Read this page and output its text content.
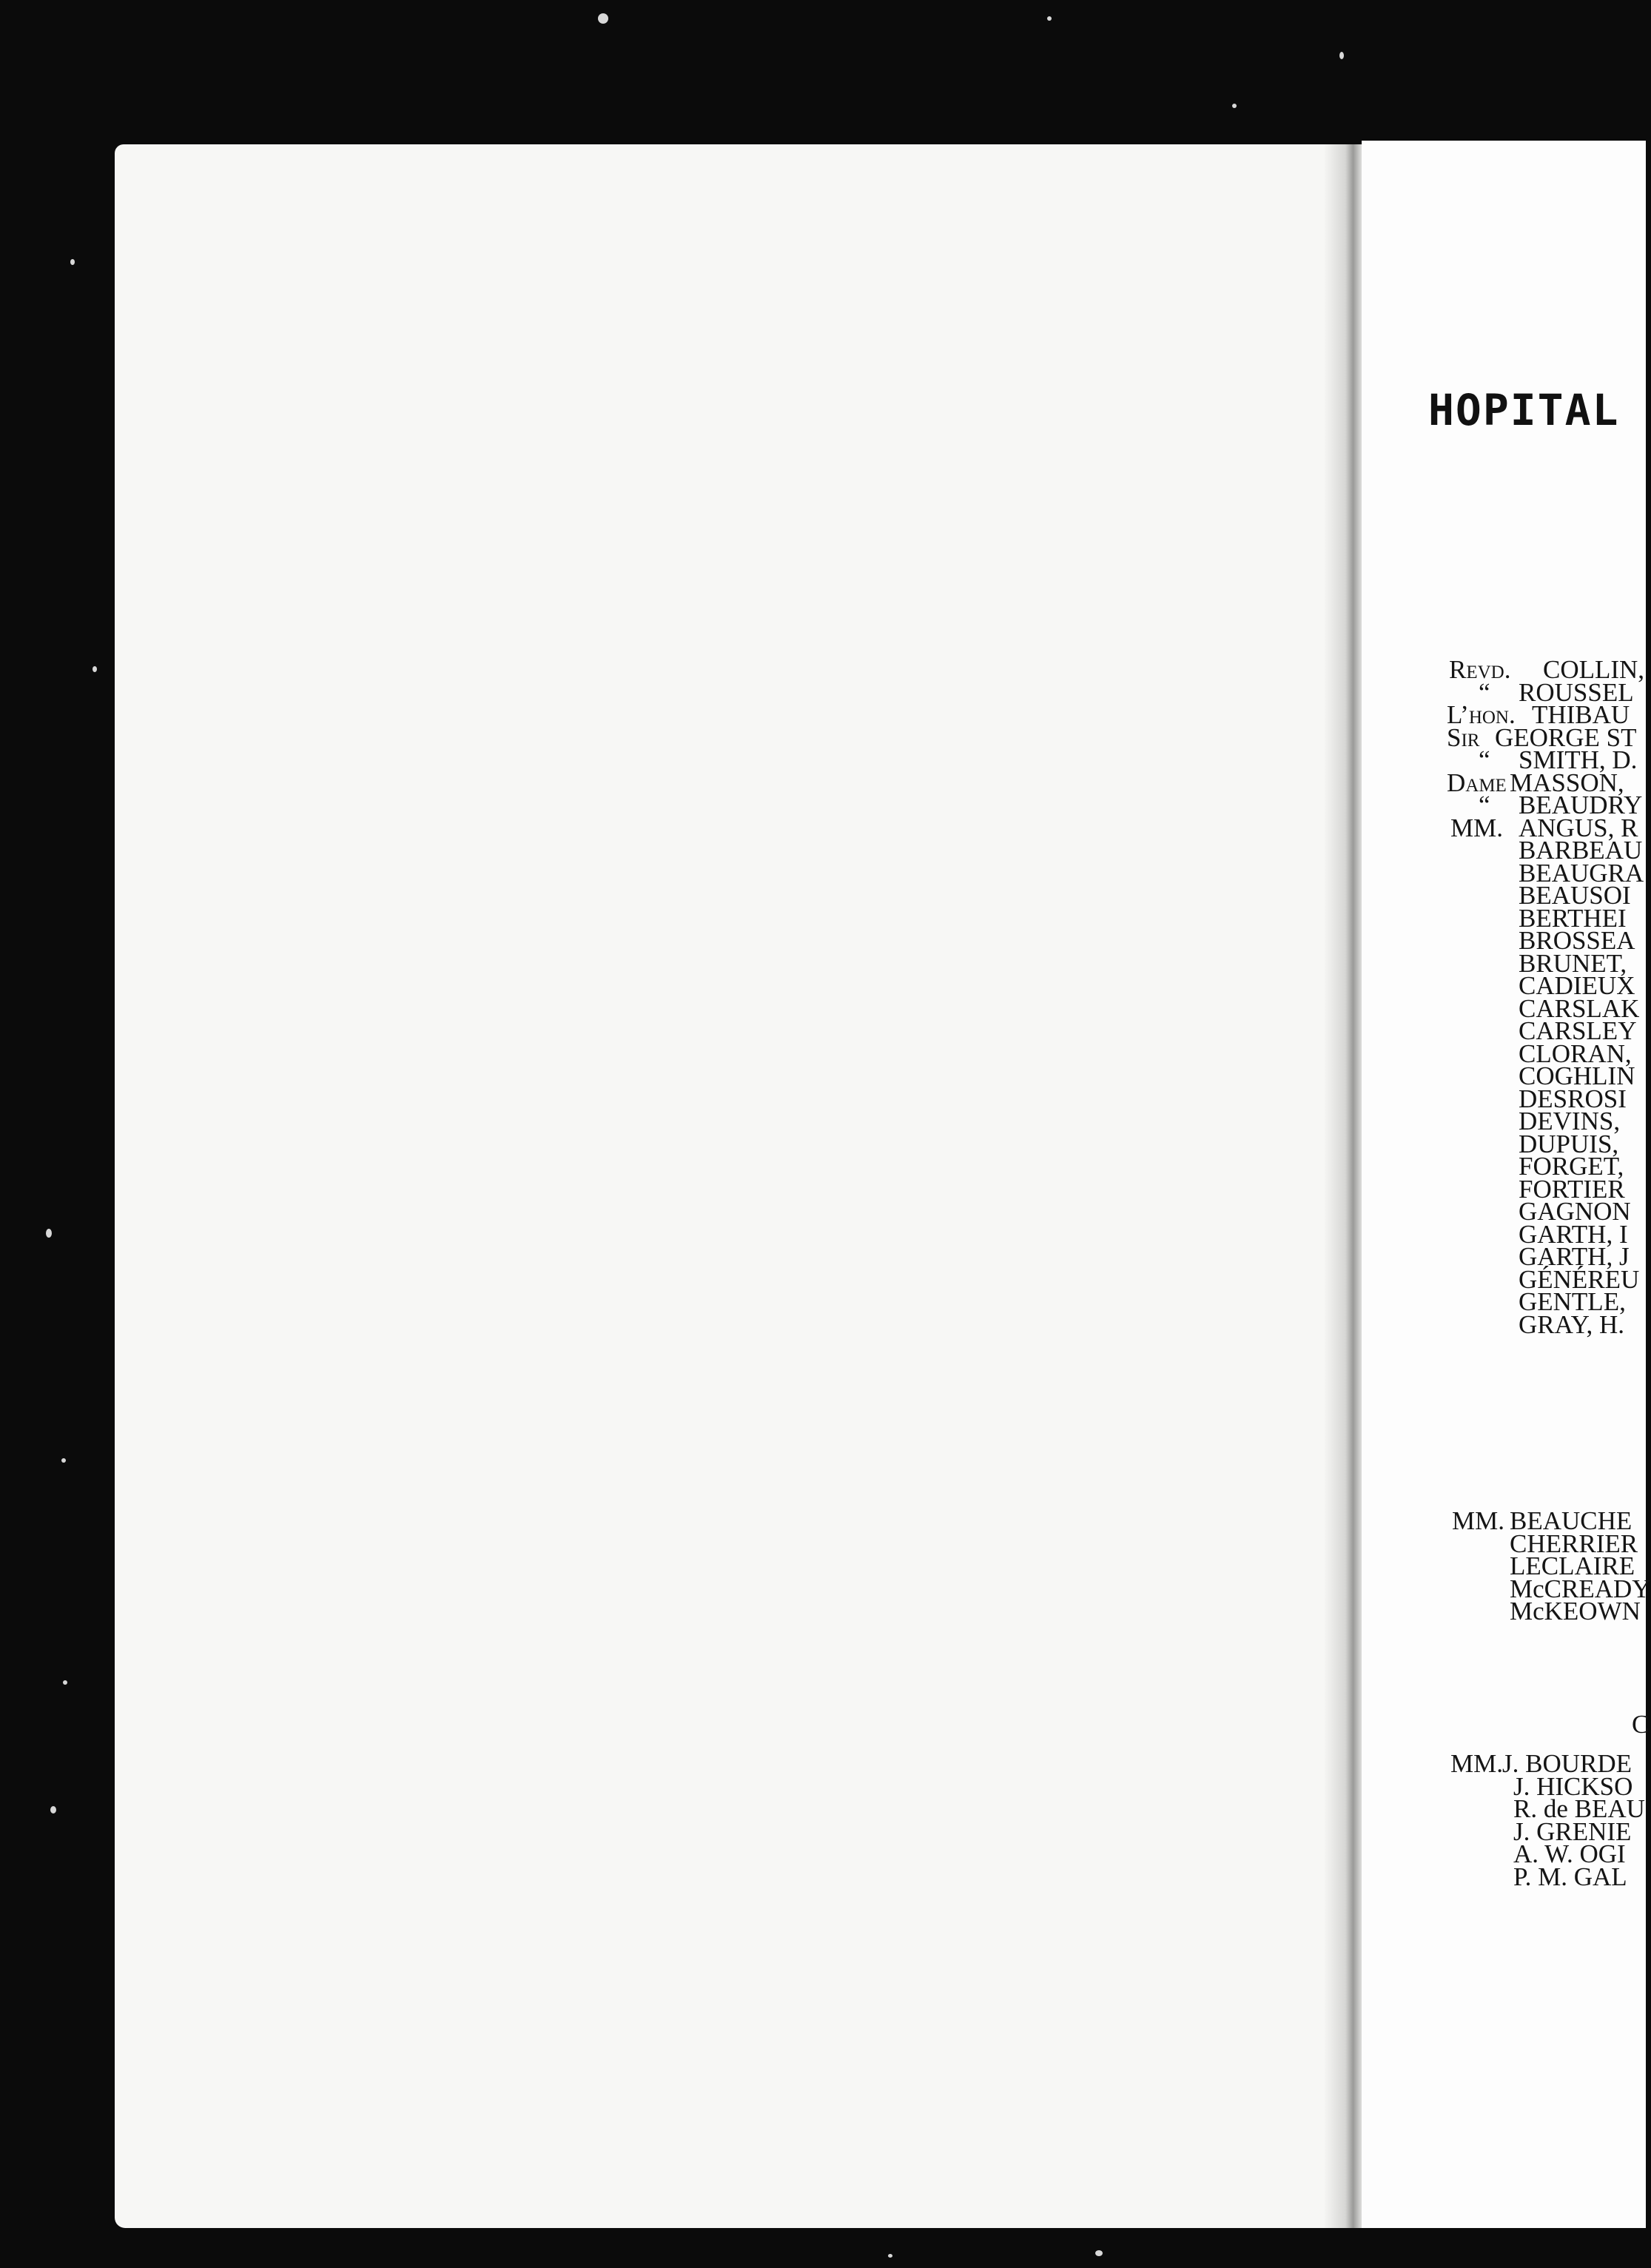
HOPITAL
Revd.	COLLIN,
“	ROUSSEL
L’hon. THIBAU
Sir GEORGE ST
“	SMITH, D.
Dame MASSON,
“	BEAUDRY
MM. ANGUS, R
BARBEAU
BEAUGRA
BEAUSOI
BERTHEI
BROSSEA
BRUNET,
CADIEUX
CARSLAK
CARSLEY
CLORAN,
COGHLIN
DESROSI
DEVINS,
DUPUIS,
FORGET,
FORTIER
GAGNON
GARTH, I
GARTH, J
GÉNÉREU
GENTLE,
GRAY, H.
MM. BEAUCHE
CHERRIER
LECLAIRE
McCREADY
McKEOWN
C
MM. J. BOURDE
J. HICKSO
R. de BEAU
J. GRENIE
A. W. OGI
P. M. GAL
